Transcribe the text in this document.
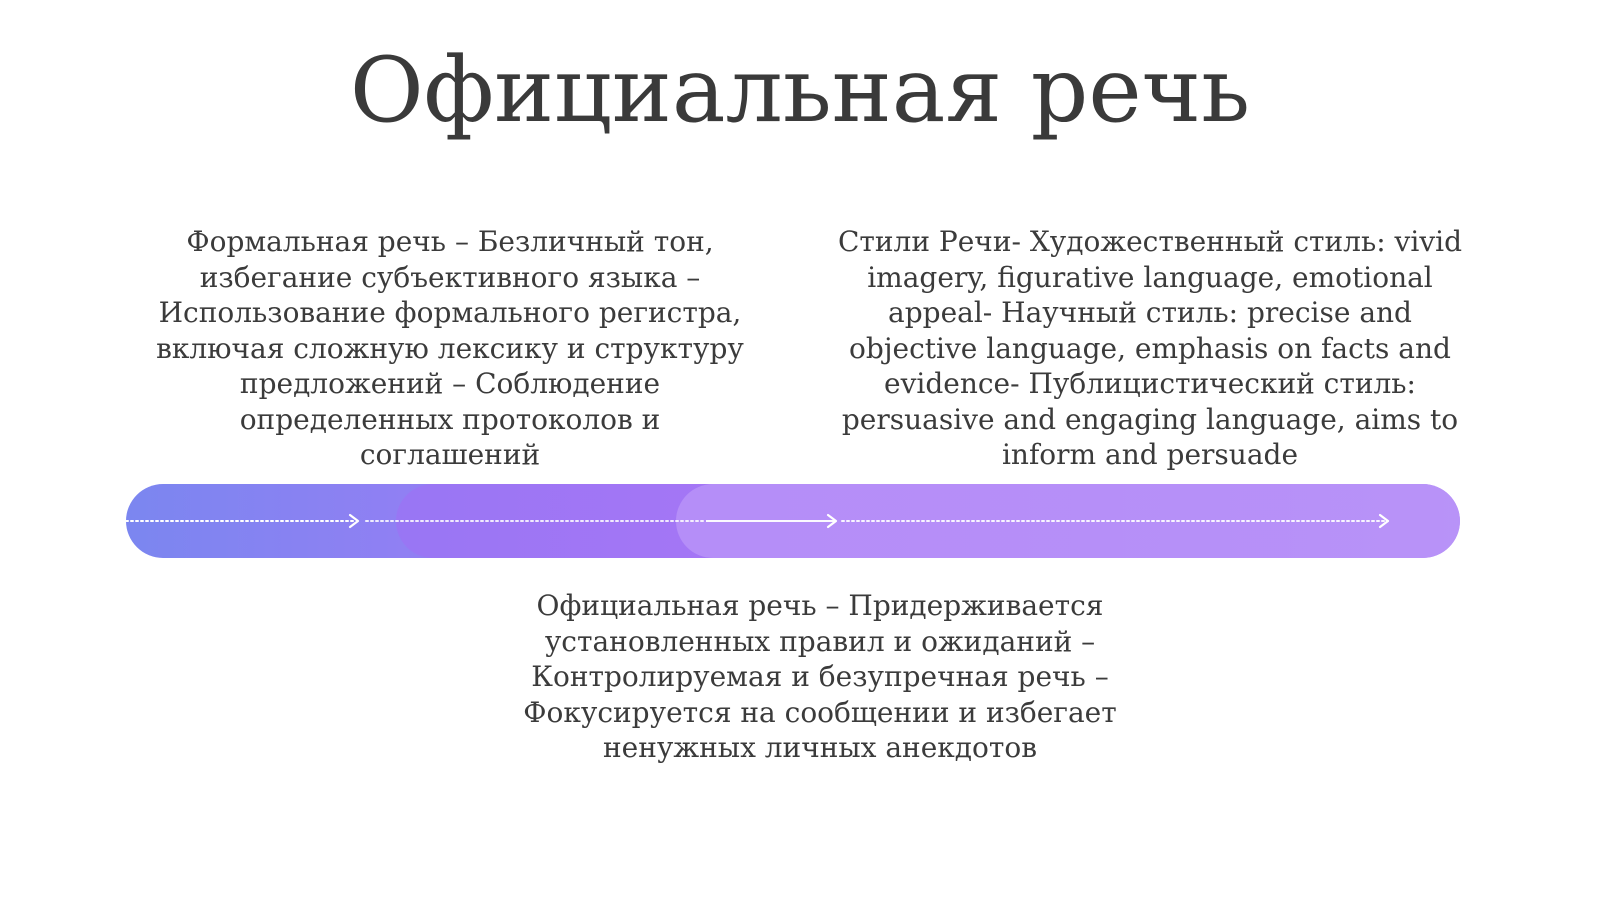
Официальная речь

Формальная речь – Безличный тон, избегание субъективного языка – Использование формального регистра, включая сложную лексику и структуру предложений – Соблюдение определенных протоколов и соглашений

Стили Речи- Художественный стиль: vivid imagery, figurative language, emotional appeal- Научный стиль: precise and objective language, emphasis on facts and evidence- Публицистический стиль: persuasive and engaging language, aims to inform and persuade

Официальная речь – Придерживается установленных правил и ожиданий – Контролируемая и безупречная речь – Фокусируется на сообщении и избегает ненужных личных анекдотов
